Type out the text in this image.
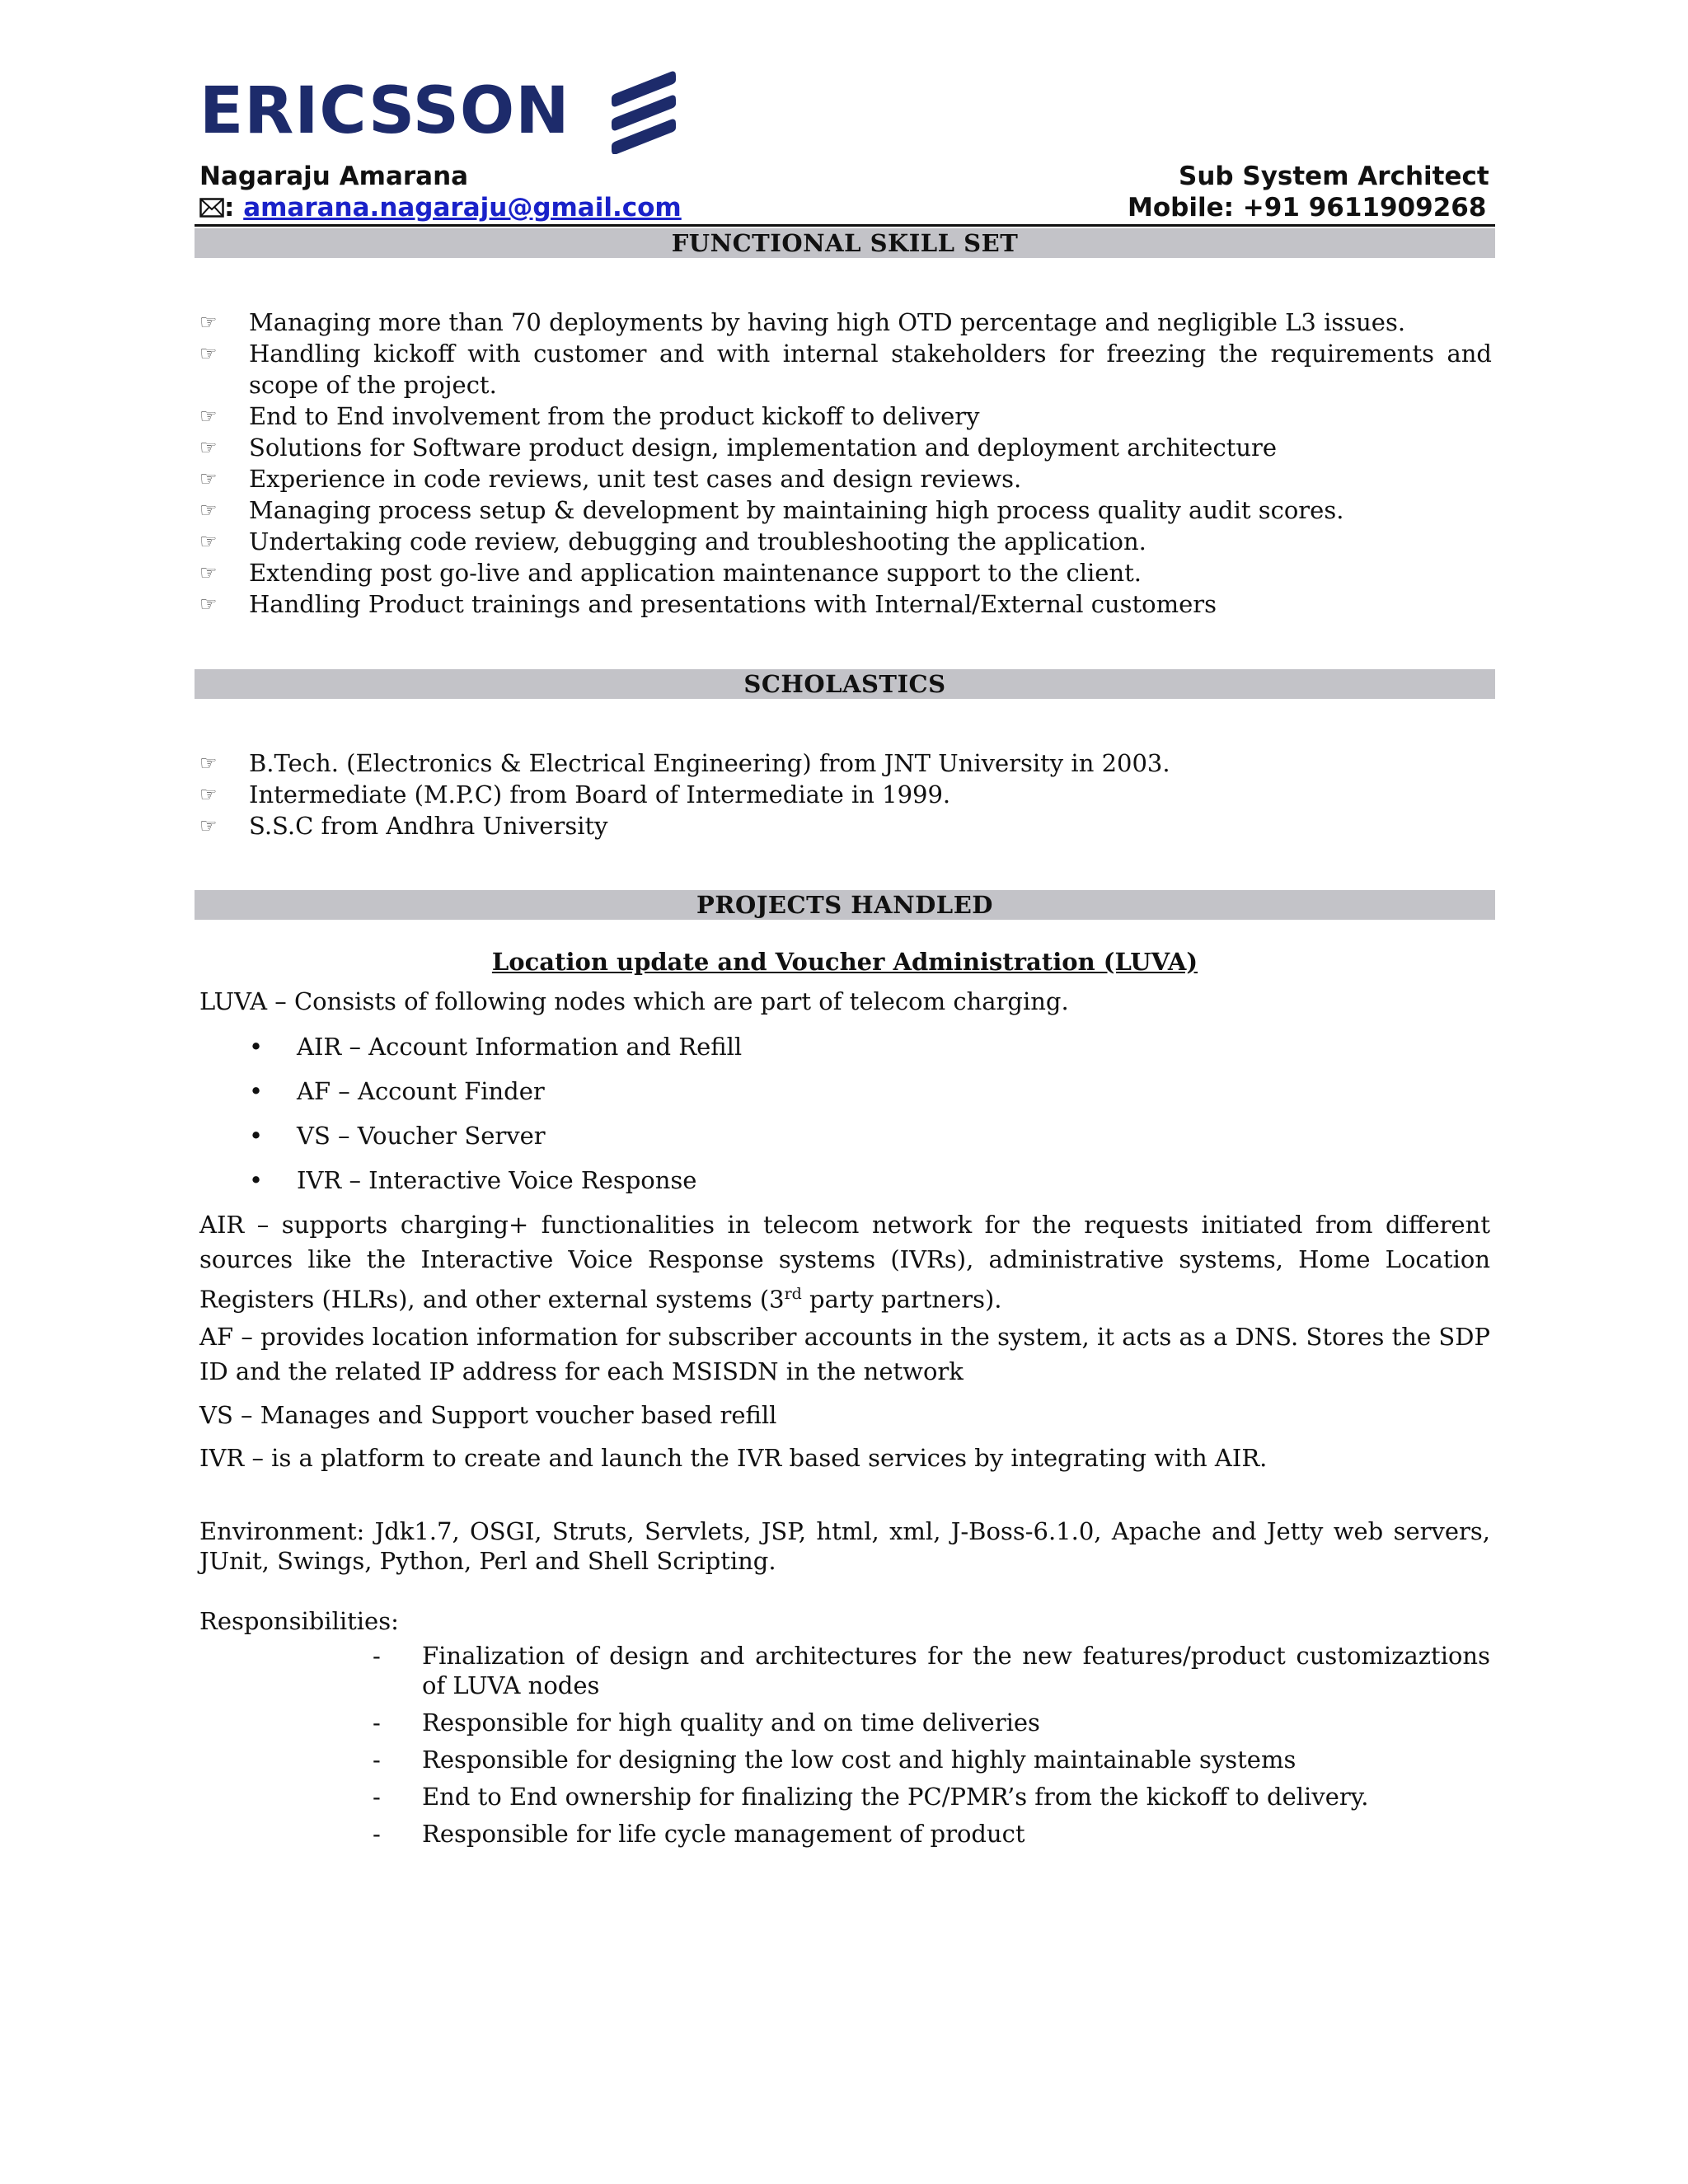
ERICSSON
Nagaraju Amarana	Sub System Architect
: amarana.nagaraju@gmail.com	Mobile: +91 9611909268
FUNCTIONAL SKILL SET
☞ Managing more than 70 deployments by having high OTD percentage and negligible L3 issues.
☞ Handling kickoff with customer and with internal stakeholders for freezing the requirements and scope of the project.
☞ End to End involvement from the product kickoff to delivery
☞ Solutions for Software product design, implementation and deployment architecture
☞ Experience in code reviews, unit test cases and design reviews.
☞ Managing process setup & development by maintaining high process quality audit scores.
☞ Undertaking code review, debugging and troubleshooting the application.
☞ Extending post go-live and application maintenance support to the client.
☞ Handling Product trainings and presentations with Internal/External customers
SCHOLASTICS
☞ B.Tech. (Electronics & Electrical Engineering) from JNT University in 2003.
☞ Intermediate (M.P.C) from Board of Intermediate in 1999.
☞ S.S.C from Andhra University
PROJECTS HANDLED
Location update and Voucher Administration (LUVA)

LUVA – Consists of following nodes which are part of telecom charging.

• AIR – Account Information and Refill
• AF – Account Finder
• VS – Voucher Server
• IVR – Interactive Voice Response

AIR – supports charging+ functionalities in telecom network for the requests initiated from different sources like the Interactive Voice Response systems (IVRs), administrative systems, Home Location Registers (HLRs), and other external systems (3rd party partners).

AF – provides location information for subscriber accounts in the system, it acts as a DNS. Stores the SDP ID and the related IP address for each MSISDN in the network

VS – Manages and Support voucher based refill

IVR – is a platform to create and launch the IVR based services by integrating with AIR.

Environment: Jdk1.7, OSGI, Struts, Servlets, JSP, html, xml, J-Boss-6.1.0, Apache and Jetty web servers, JUnit, Swings, Python, Perl and Shell Scripting.

Responsibilities:

- Finalization of design and architectures for the new features/product customizaztions of LUVA nodes
- Responsible for high quality and on time deliveries
- Responsible for designing the low cost and highly maintainable systems
- End to End ownership for finalizing the PC/PMR’s from the kickoff to delivery.
- Responsible for life cycle management of product
